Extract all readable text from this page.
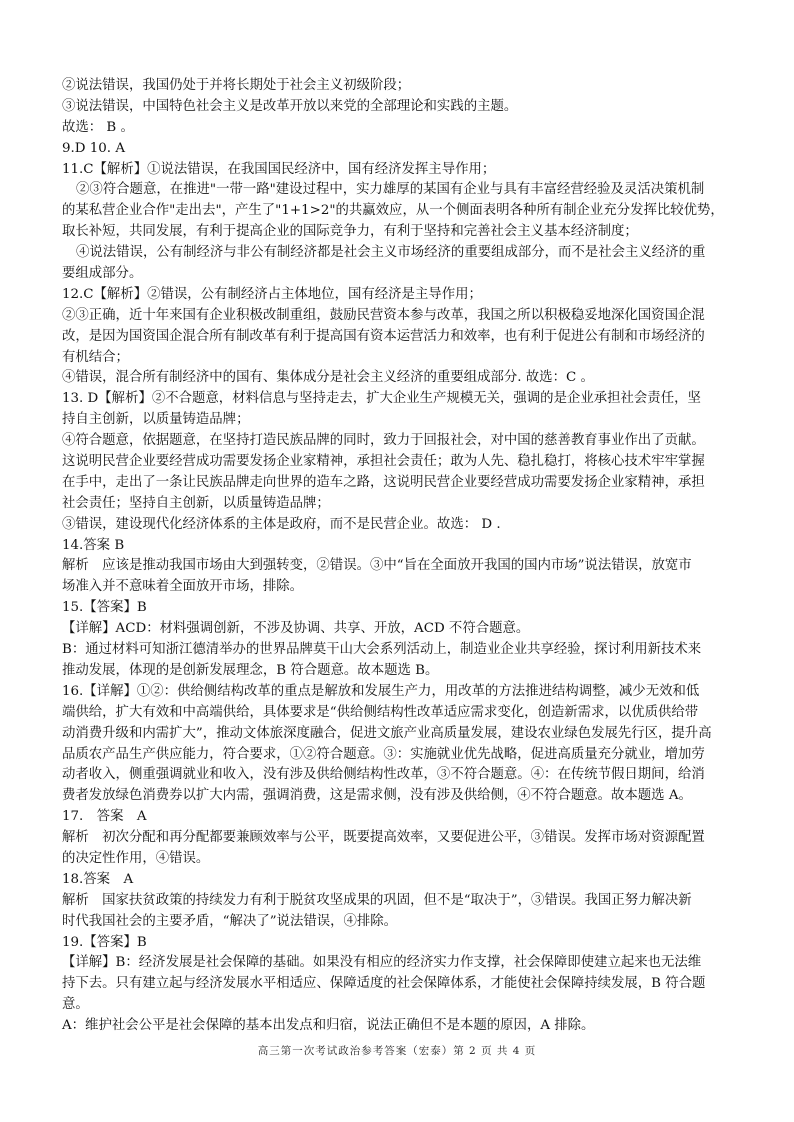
②说法错误，我国仍处于并将长期处于社会主义初级阶段；
③说法错误，中国特色社会主义是改革开放以来党的全部理论和实践的主题。
故选： B 。
9.D 10. A
11.C【解析】①说法错误，在我国国民经济中，国有经济发挥主导作用；
②③符合题意，在推进"一带一路"建设过程中，实力雄厚的某国有企业与具有丰富经营经验及灵活决策机制
的某私营企业合作"走出去"，产生了"1+1>2"的共赢效应，从一个侧面表明各种所有制企业充分发挥比较优势，
取长补短，共同发展，有利于提高企业的国际竞争力，有利于坚持和完善社会主义基本经济制度；
④说法错误，公有制经济与非公有制经济都是社会主义市场经济的重要组成部分，而不是社会主义经济的重
要组成部分。
12.C【解析】②错误，公有制经济占主体地位，国有经济是主导作用；
②③正确，近十年来国有企业积极改制重组，鼓励民营资本参与改革，我国之所以积极稳妥地深化国资国企混
改，是因为国资国企混合所有制改革有利于提高国有资本运营活力和效率，也有利于促进公有制和市场经济的
有机结合；
④错误，混合所有制经济中的国有、集体成分是社会主义经济的重要组成部分. 故选：C 。
13. D【解析】②不合题意，材料信息与坚持走去，扩大企业生产规模无关，强调的是企业承担社会责任，坚
持自主创新，以质量铸造品牌；
④符合题意，依据题意，在坚持打造民族品牌的同时，致力于回报社会，对中国的慈善教育事业作出了贡献。
这说明民营企业要经营成功需要发扬企业家精神，承担社会责任；敢为人先、稳扎稳打，将核心技术牢牢掌握
在手中，走出了一条让民族品牌走向世界的造车之路，这说明民营企业要经营成功需要发扬企业家精神，承担
社会责任；坚持自主创新，以质量铸造品牌；
③错误，建设现代化经济体系的主体是政府，而不是民营企业。故选： D .
14.答案 B
解析　应该是推动我国市场由大到强转变，②错误。③中“旨在全面放开我国的国内市场”说法错误，放宽市
场准入并不意味着全面放开市场，排除。
15.【答案】B
【详解】ACD：材料强调创新，不涉及协调、共享、开放，ACD 不符合题意。
B：通过材料可知浙江德清举办的世界品牌莫干山大会系列活动上，制造业企业共享经验，探讨利用新技术来
推动发展，体现的是创新发展理念，B 符合题意。故本题选 B。
16.【详解】①②：供给侧结构改革的重点是解放和发展生产力，用改革的方法推进结构调整，减少无效和低
端供给，扩大有效和中高端供给，具体要求是“供给侧结构性改革适应需求变化，创造新需求，以优质供给带
动消费升级和内需扩大”，推动文体旅深度融合，促进文旅产业高质量发展，建设农业绿色发展先行区，提升高
品质农产品生产供应能力，符合要求，①②符合题意。③：实施就业优先战略，促进高质量充分就业，增加劳
动者收入，侧重强调就业和收入，没有涉及供给侧结构性改革，③不符合题意。④：在传统节假日期间，给消
费者发放绿色消费券以扩大内需，强调消费，这是需求侧，没有涉及供给侧，④不符合题意。故本题选 A。
17.　答案　A
解析　初次分配和再分配都要兼顾效率与公平，既要提高效率，又要促进公平，③错误。发挥市场对资源配置
的决定性作用，④错误。
18.答案　A
解析　国家扶贫政策的持续发力有利于脱贫攻坚成果的巩固，但不是“取决于”，③错误。我国正努力解决新
时代我国社会的主要矛盾，“解决了”说法错误，④排除。
19.【答案】B
【详解】B：经济发展是社会保障的基础。如果没有相应的经济实力作支撑，社会保障即使建立起来也无法维
持下去。只有建立起与经济发展水平相适应、保障适度的社会保障体系，才能使社会保障持续发展，B 符合题
意。
A：维护社会公平是社会保障的基本出发点和归宿，说法正确但不是本题的原因，A 排除。
高三第一次考试政治参考答案（宏泰）第 2 页 共 4 页
